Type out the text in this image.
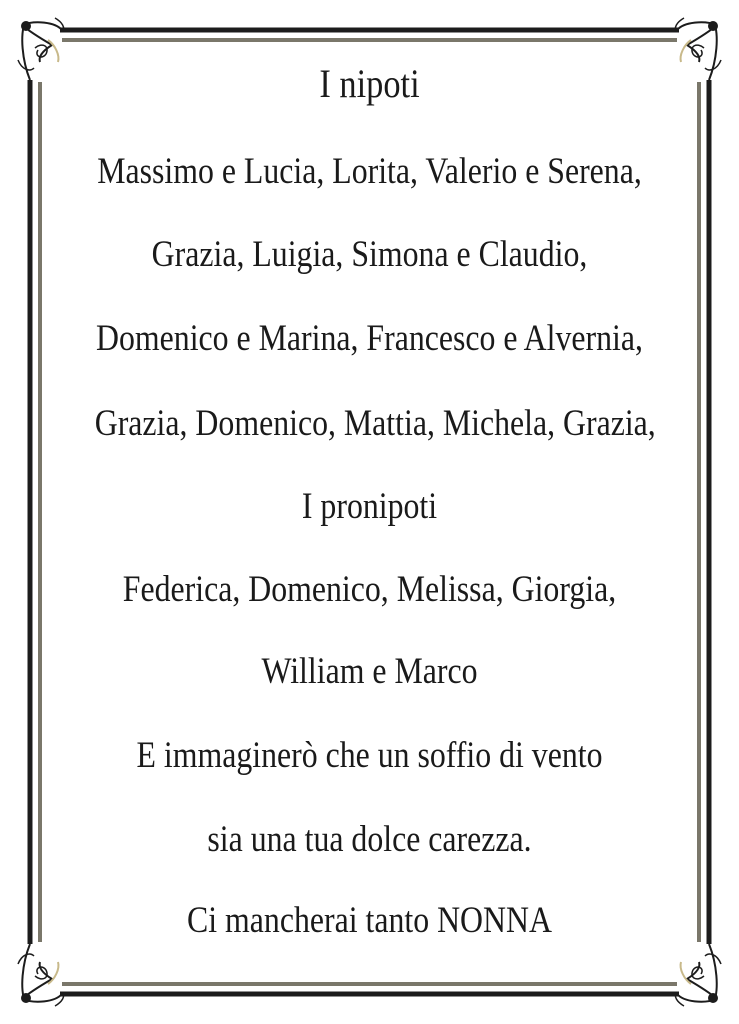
I nipoti
Massimo e Lucia, Lorita, Valerio e Serena,
Grazia, Luigia, Simona e Claudio,
Domenico e Marina, Francesco e Alvernia,
Grazia, Domenico, Mattia, Michela, Grazia,
I pronipoti
Federica, Domenico, Melissa, Giorgia,
William e Marco
E immaginerò che un soffio di vento
sia una tua dolce carezza.
Ci mancherai tanto NONNA
